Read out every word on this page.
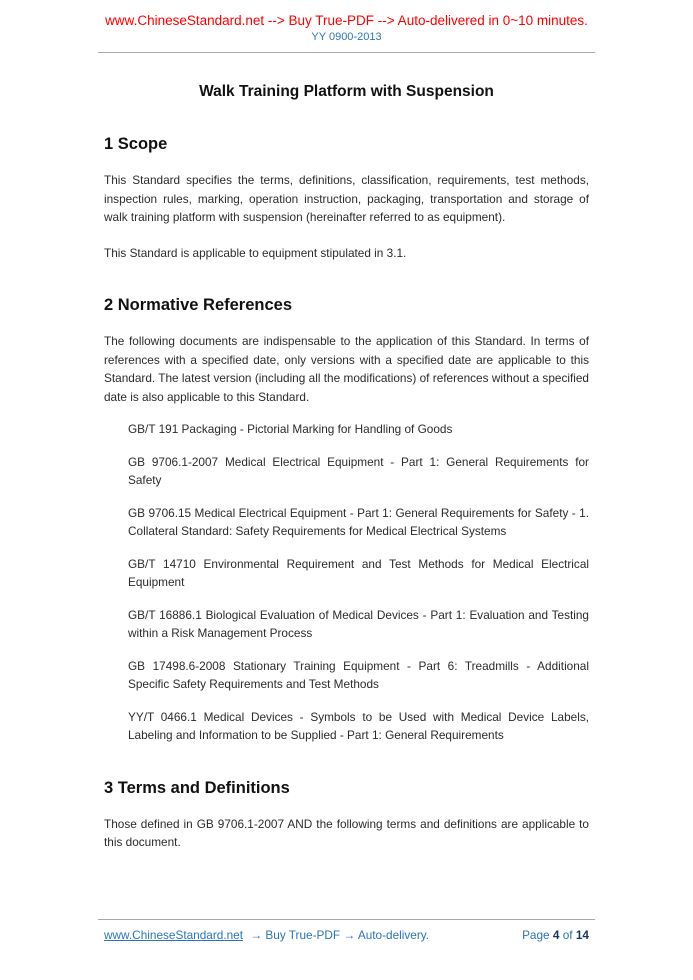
www.ChineseStandard.net --> Buy True-PDF --> Auto-delivered in 0~10 minutes.
YY 0900-2013
Walk Training Platform with Suspension
1 Scope

This Standard specifies the terms, definitions, classification, requirements, test methods, inspection rules, marking, operation instruction, packaging, transportation and storage of walk training platform with suspension (hereinafter referred to as equipment).

This Standard is applicable to equipment stipulated in 3.1.

2 Normative References

The following documents are indispensable to the application of this Standard. In terms of references with a specified date, only versions with a specified date are applicable to this Standard. The latest version (including all the modifications) of references without a specified date is also applicable to this Standard.

GB/T 191 Packaging - Pictorial Marking for Handling of Goods

GB 9706.1-2007 Medical Electrical Equipment - Part 1: General Requirements for Safety

GB 9706.15 Medical Electrical Equipment - Part 1: General Requirements for Safety - 1. Collateral Standard: Safety Requirements for Medical Electrical Systems

GB/T 14710 Environmental Requirement and Test Methods for Medical Electrical Equipment

GB/T 16886.1 Biological Evaluation of Medical Devices - Part 1: Evaluation and Testing within a Risk Management Process

GB 17498.6-2008 Stationary Training Equipment - Part 6: Treadmills - Additional Specific Safety Requirements and Test Methods

YY/T 0466.1 Medical Devices - Symbols to be Used with Medical Device Labels, Labeling and Information to be Supplied - Part 1: General Requirements

3 Terms and Definitions

Those defined in GB 9706.1-2007 AND the following terms and definitions are applicable to this document.

www.ChineseStandard.net → Buy True-PDF → Auto-delivery.	Page 4 of 14
